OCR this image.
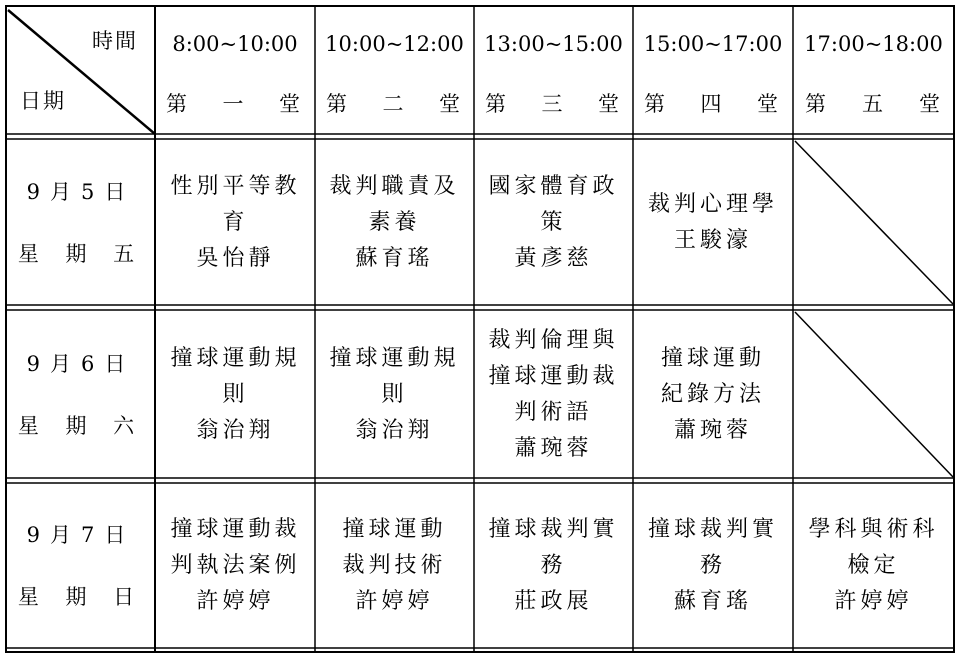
時間
日期
8:00~10:00	10:00~12:00 13:00~15:00 15:00~17:00	17:00~18:00
第 一 堂 第 二 堂 第 三 堂 第 四 堂 第 五 堂
9月5日
星 期 五
9月6日
星 期 六
9月7日
星 期 日
性別平等教
育
吳怡靜
裁判職責及
素養
蘇育瑤
國家體育政
策
黃彥慈
裁判心理學
王駿濠
撞球運動規
則
翁治翔
撞球運動規
則
翁治翔
裁判倫理與
撞球運動裁
判術語
蕭琬蓉
撞球運動
紀錄方法
蕭琬蓉
撞球運動裁
判執法案例
許婷婷
撞球運動
裁判技術
許婷婷
撞球裁判實
務
莊政展
撞球裁判實
務
蘇育瑤
學科與術科
檢定
許婷婷
